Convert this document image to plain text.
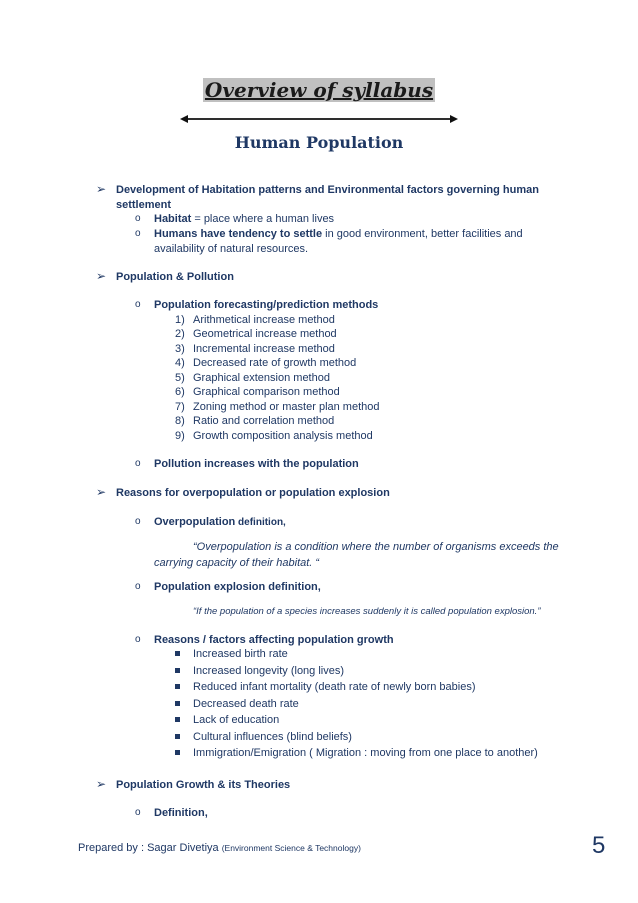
Overview of syllabus
Human Population
➢ Development of Habitation patterns and Environmental factors governing human
settlement
o Habitat = place where a human lives
o Humans have tendency to settle in good environment, better facilities and
availability of natural resources.
➢ Population & Pollution
o Population forecasting/prediction methods
1) Arithmetical increase method
2) Geometrical increase method
3) Incremental increase method
4) Decreased rate of growth method
5) Graphical extension method
6) Graphical comparison method
7) Zoning method or master plan method
8) Ratio and correlation method
9) Growth composition analysis method
o Pollution increases with the population
➢ Reasons for overpopulation or population explosion
o Overpopulation definition,
“Overpopulation is a condition where the number of organisms exceeds the
carrying capacity of their habitat. “
o Population explosion definition,
“If the population of a species increases suddenly it is called population explosion.”
o Reasons / factors affecting population growth
Increased birth rate
Increased longevity (long lives)
Reduced infant mortality (death rate of newly born babies)
Decreased death rate
Lack of education
Cultural influences (blind beliefs)
Immigration/Emigration ( Migration : moving from one place to another)
➢ Population Growth & its Theories
o Definition,
Prepared by : Sagar Divetiya (Environment Science & Technology)	5
